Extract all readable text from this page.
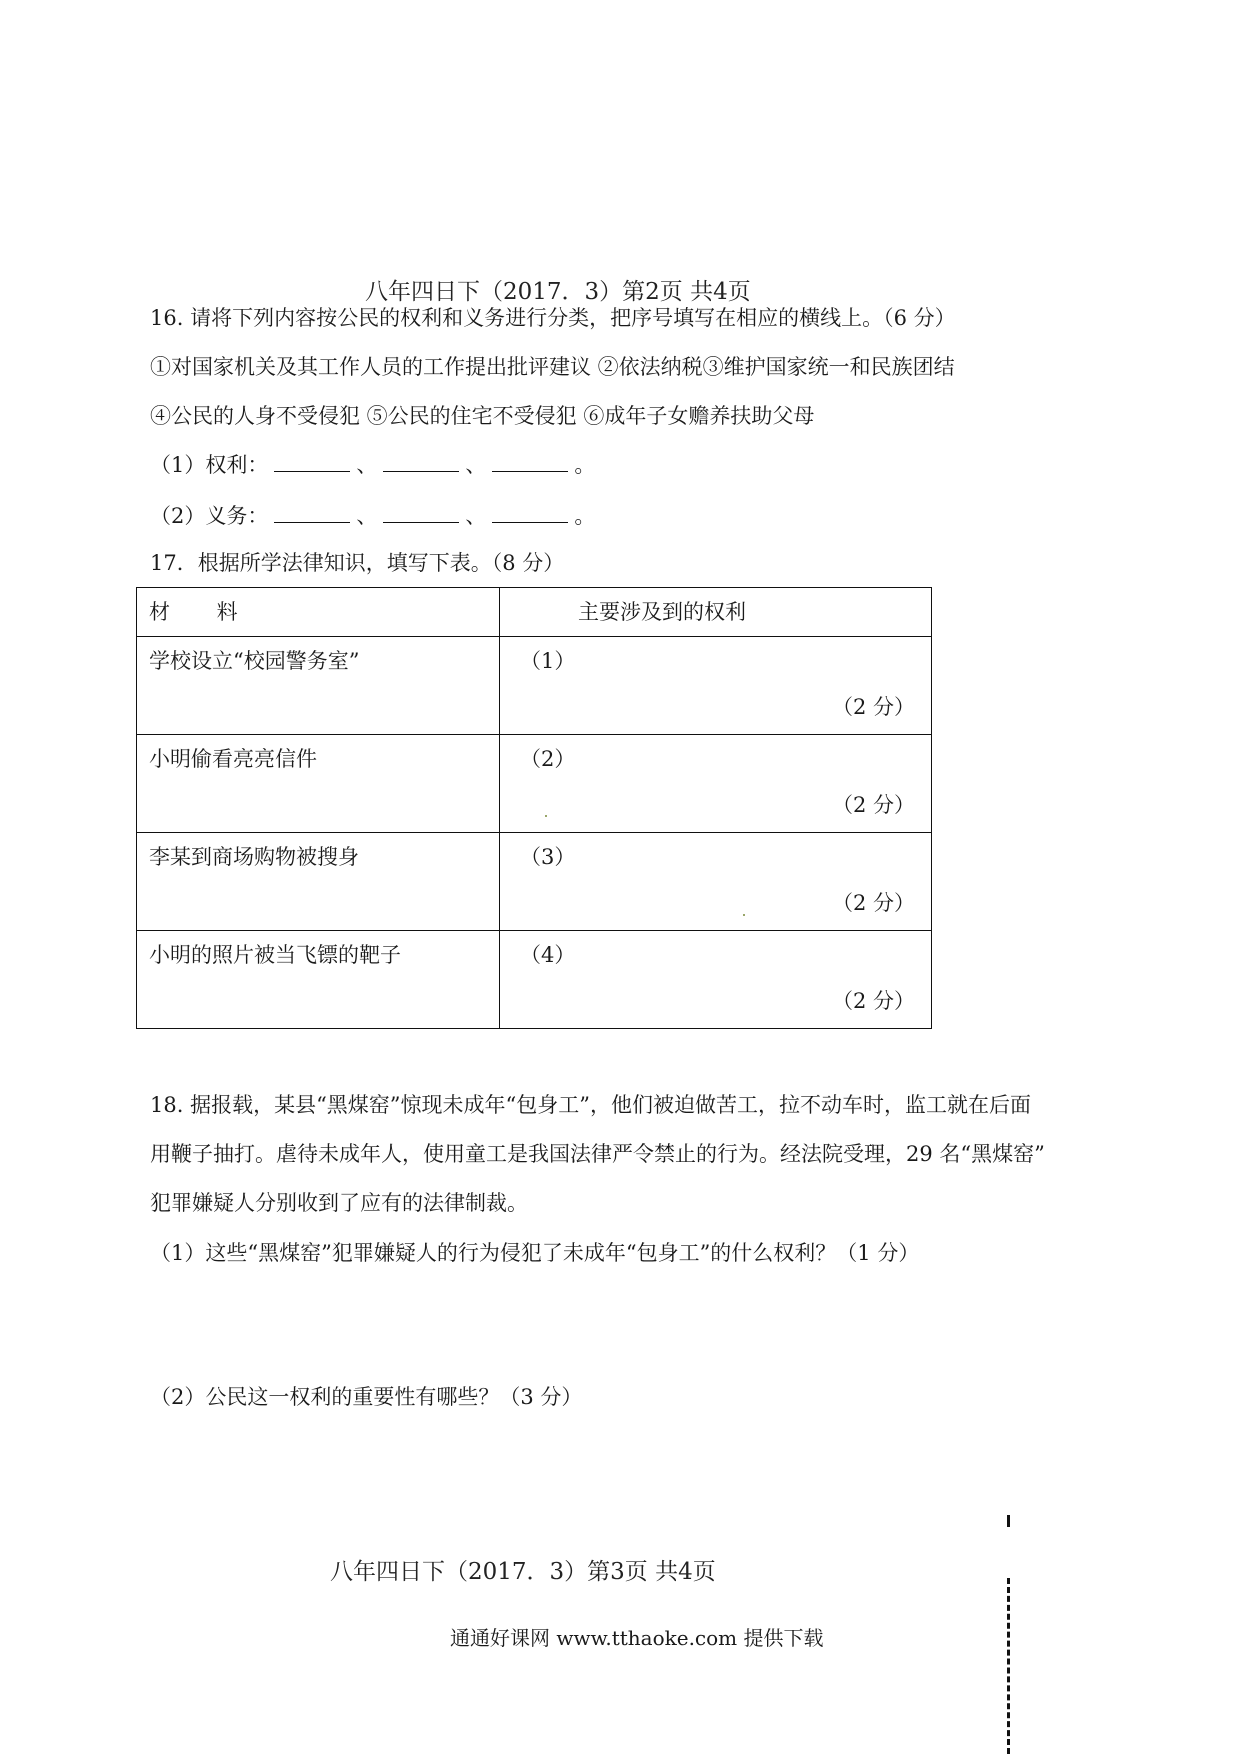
八年四日下（2017．3）第2页 共4页
16. 请将下列内容按公民的权利和义务进行分类，把序号填写在相应的横线上。（6 分）
①对国家机关及其工作人员的工作提出批评建议 ②依法纳税③维护国家统一和民族团结
④公民的人身不受侵犯 ⑤公民的住宅不受侵犯 ⑥成年子女赡养扶助父母
（1）权利：	、	、	。
（2）义务：	、	、	。
17．根据所学法律知识，填写下表。（8 分）
材 料	主要涉及到的权利

学校设立“校园警务室”	（1）
（2 分）

小明偷看亮亮信件	（2）
（2 分）

李某到商场购物被搜身	（3）
（2 分）

小明的照片被当飞镖的靶子	（4）
（2 分）
18. 据报载，某县“黑煤窑”惊现未成年“包身工”，他们被迫做苦工，拉不动车时，监工就在后面
用鞭子抽打。虐待未成年人，使用童工是我国法律严令禁止的行为。经法院受理，29 名“黑煤窑”
犯罪嫌疑人分别收到了应有的法律制裁。
（1）这些“黑煤窑”犯罪嫌疑人的行为侵犯了未成年“包身工”的什么权利？（1 分）
（2）公民这一权利的重要性有哪些？（3 分）
八年四日下（2017．3）第3页 共4页
通通好课网 www.tthaoke.com 提供下载
